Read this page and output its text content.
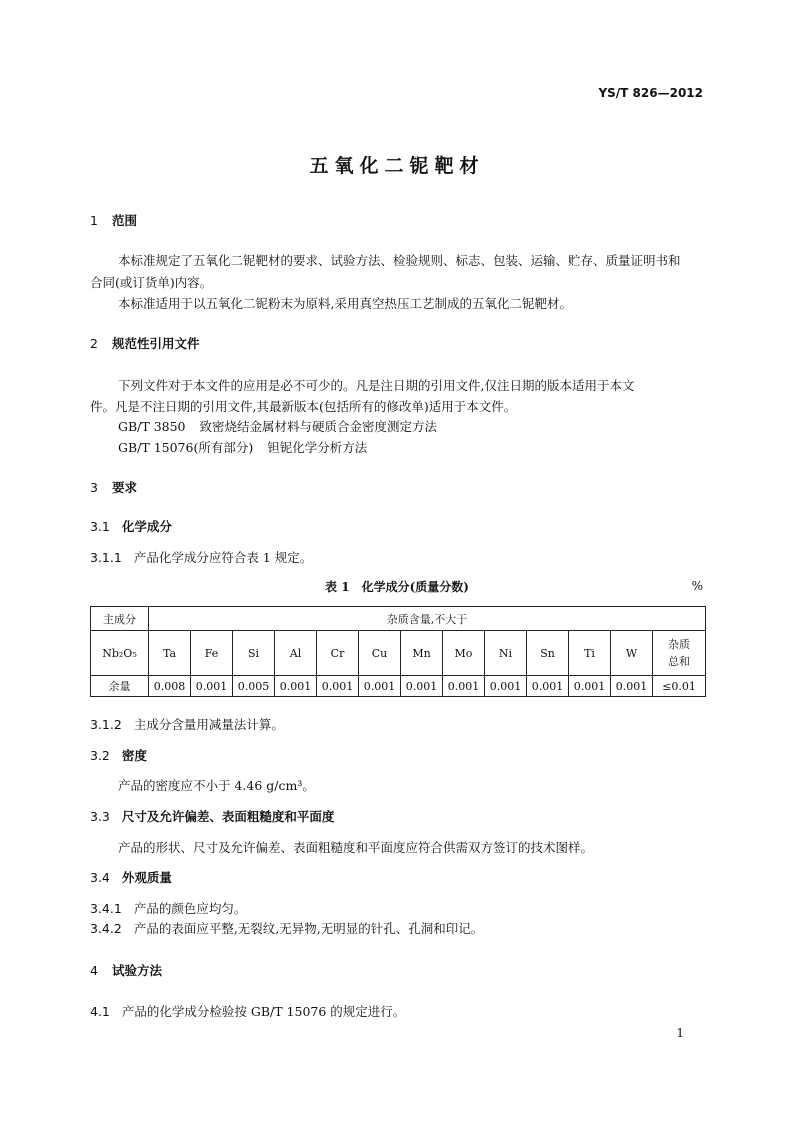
YS/T 826—2012
五氧化二铌靶材
1 范围
本标准规定了五氧化二铌靶材的要求、试验方法、检验规则、标志、包装、运输、贮存、质量证明书和
合同(或订货单)内容。
本标准适用于以五氧化二铌粉末为原料,采用真空热压工艺制成的五氧化二铌靶材。
2 规范性引用文件
下列文件对于本文件的应用是必不可少的。凡是注日期的引用文件,仅注日期的版本适用于本文
件。凡是不注日期的引用文件,其最新版本(包括所有的修改单)适用于本文件。
GB/T 3850 致密烧结金属材料与硬质合金密度测定方法
GB/T 15076(所有部分) 钽铌化学分析方法
3 要求
3.1 化学成分
3.1.1 产品化学成分应符合表 1 规定。
表 1　化学成分(质量分数)	%
主成分	杂质含量,不大于												
Nb₂O₅	Ta	Fe	Si	Al	Cr	Cu	Mn	Mo	Ni	Sn	Ti	W	杂质
总和
余量	0.008	0.001	0.005	0.001	0.001	0.001	0.001	0.001	0.001	0.001	0.001	0.001	≤0.01
3.1.2 主成分含量用减量法计算。
3.2 密度
产品的密度应不小于 4.46 g/cm³。
3.3 尺寸及允许偏差、表面粗糙度和平面度
产品的形状、尺寸及允许偏差、表面粗糙度和平面度应符合供需双方签订的技术图样。
3.4 外观质量
3.4.1 产品的颜色应均匀。
3.4.2 产品的表面应平整,无裂纹,无异物,无明显的针孔、孔洞和印记。
4 试验方法
4.1 产品的化学成分检验按 GB/T 15076 的规定进行。
1
